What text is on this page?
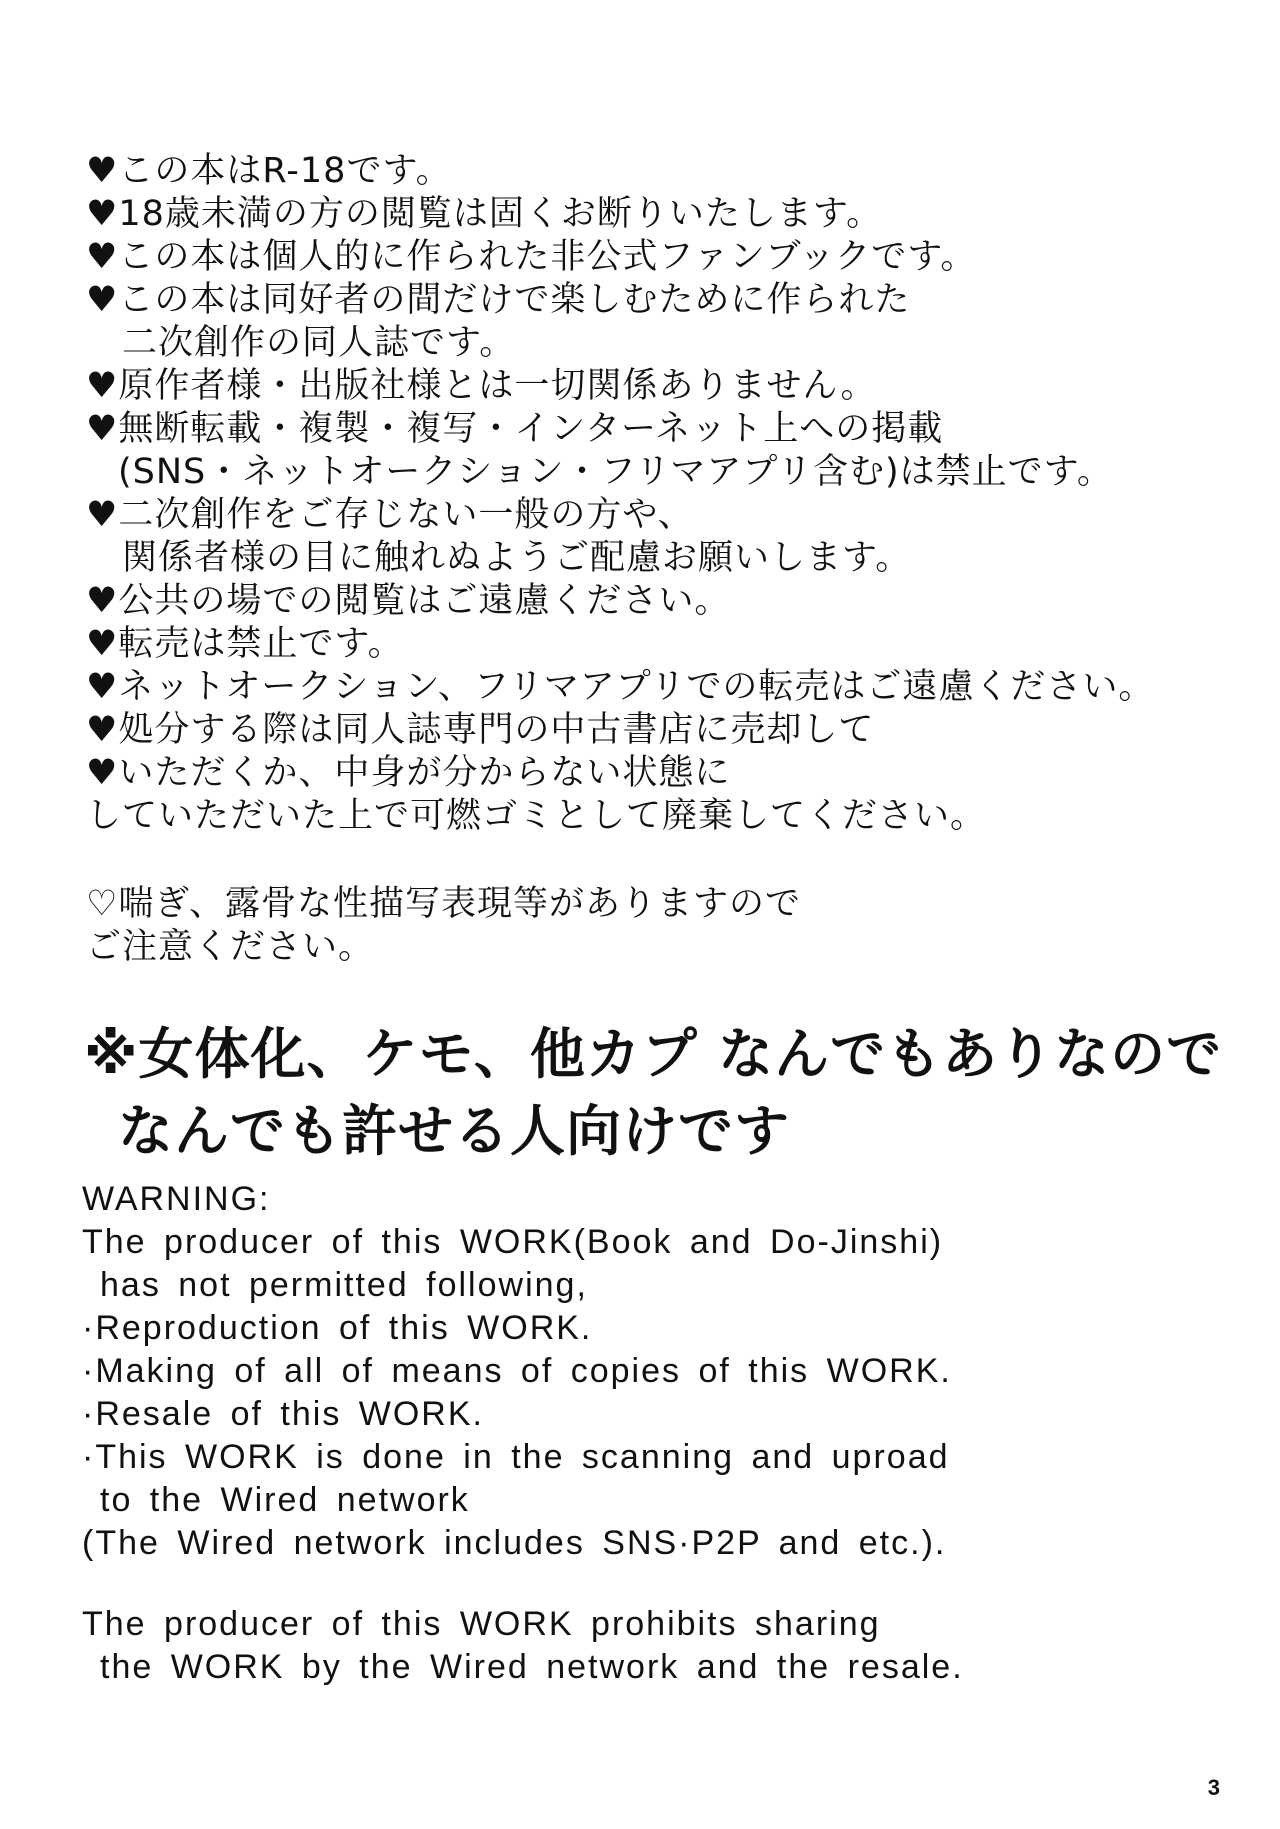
♥この本はR-18です。
♥18歳未満の方の閲覧は固くお断りいたします。
♥この本は個人的に作られた非公式ファンブックです。
♥この本は同好者の間だけで楽しむために作られた
二次創作の同人誌です。
♥原作者様・出版社様とは一切関係ありません。
♥無断転載・複製・複写・インターネット上への掲載
(SNS・ネットオークション・フリマアプリ含む)は禁止です。
♥二次創作をご存じない一般の方や、
関係者様の目に触れぬようご配慮お願いします。
♥公共の場での閲覧はご遠慮ください。
♥転売は禁止です。
♥ネットオークション、フリマアプリでの転売はご遠慮ください。
♥処分する際は同人誌専門の中古書店に売却して
♥いただくか、中身が分からない状態に
していただいた上で可燃ゴミとして廃棄してください。
♡喘ぎ、露骨な性描写表現等がありますので
ご注意ください。
※女体化、ケモ、他カプ なんでもありなので
なんでも許せる人向けです
WARNING:
The producer of this WORK(Book and Do-Jinshi)
has not permitted following,
·Reproduction of this WORK.
·Making of all of means of copies of this WORK.
·Resale of this WORK.
·This WORK is done in the scanning and uproad
to the Wired network
(The Wired network includes SNS·P2P and etc.).
The producer of this WORK prohibits sharing
the WORK by the Wired network and the resale.
3
